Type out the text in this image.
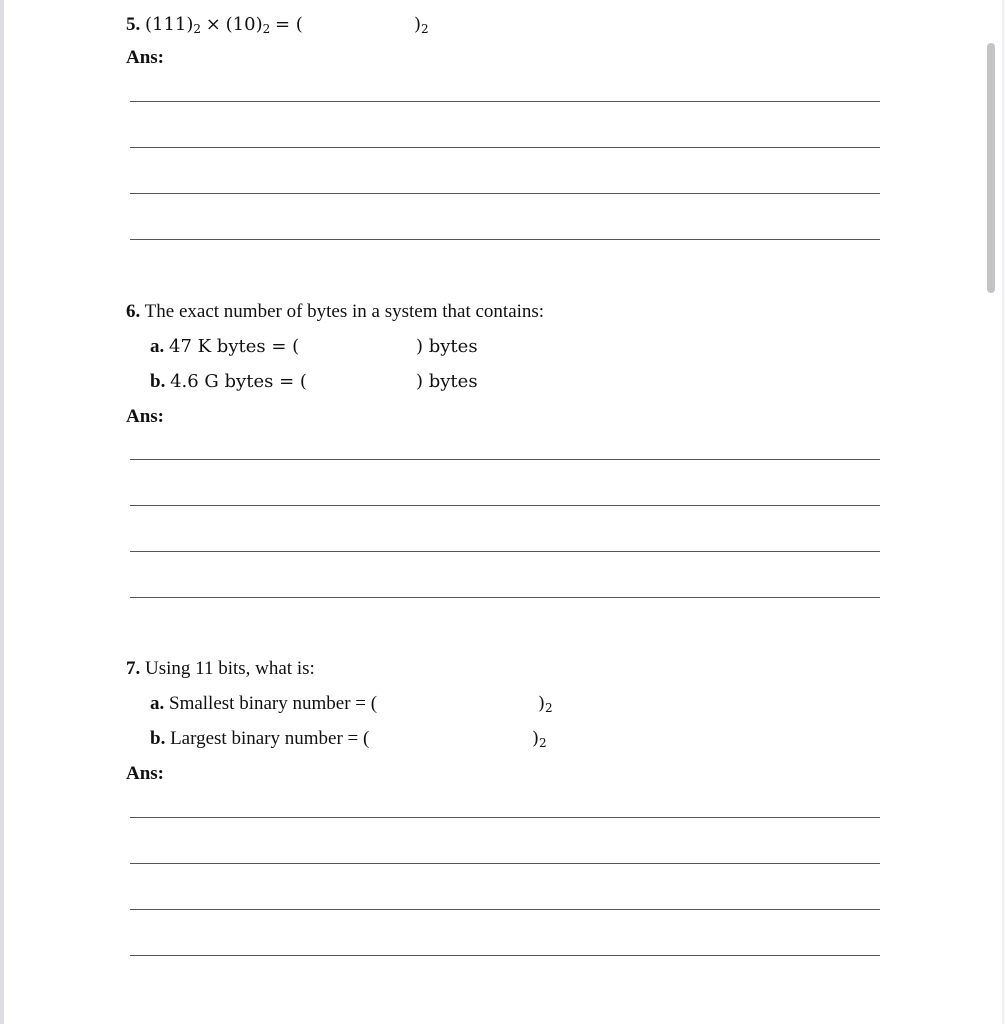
5. $(111)_2 \times (10)_2$ = (	)$_2$
Ans:
6. The exact number of bytes in a system that contains:
a. 47 K bytes = (	) bytes
b. 4.6 G bytes = (	) bytes
Ans:
7. Using 11 bits, what is:
a. Smallest binary number = (	)$_2$
b. Largest binary number = (	)$_2$
Ans:
